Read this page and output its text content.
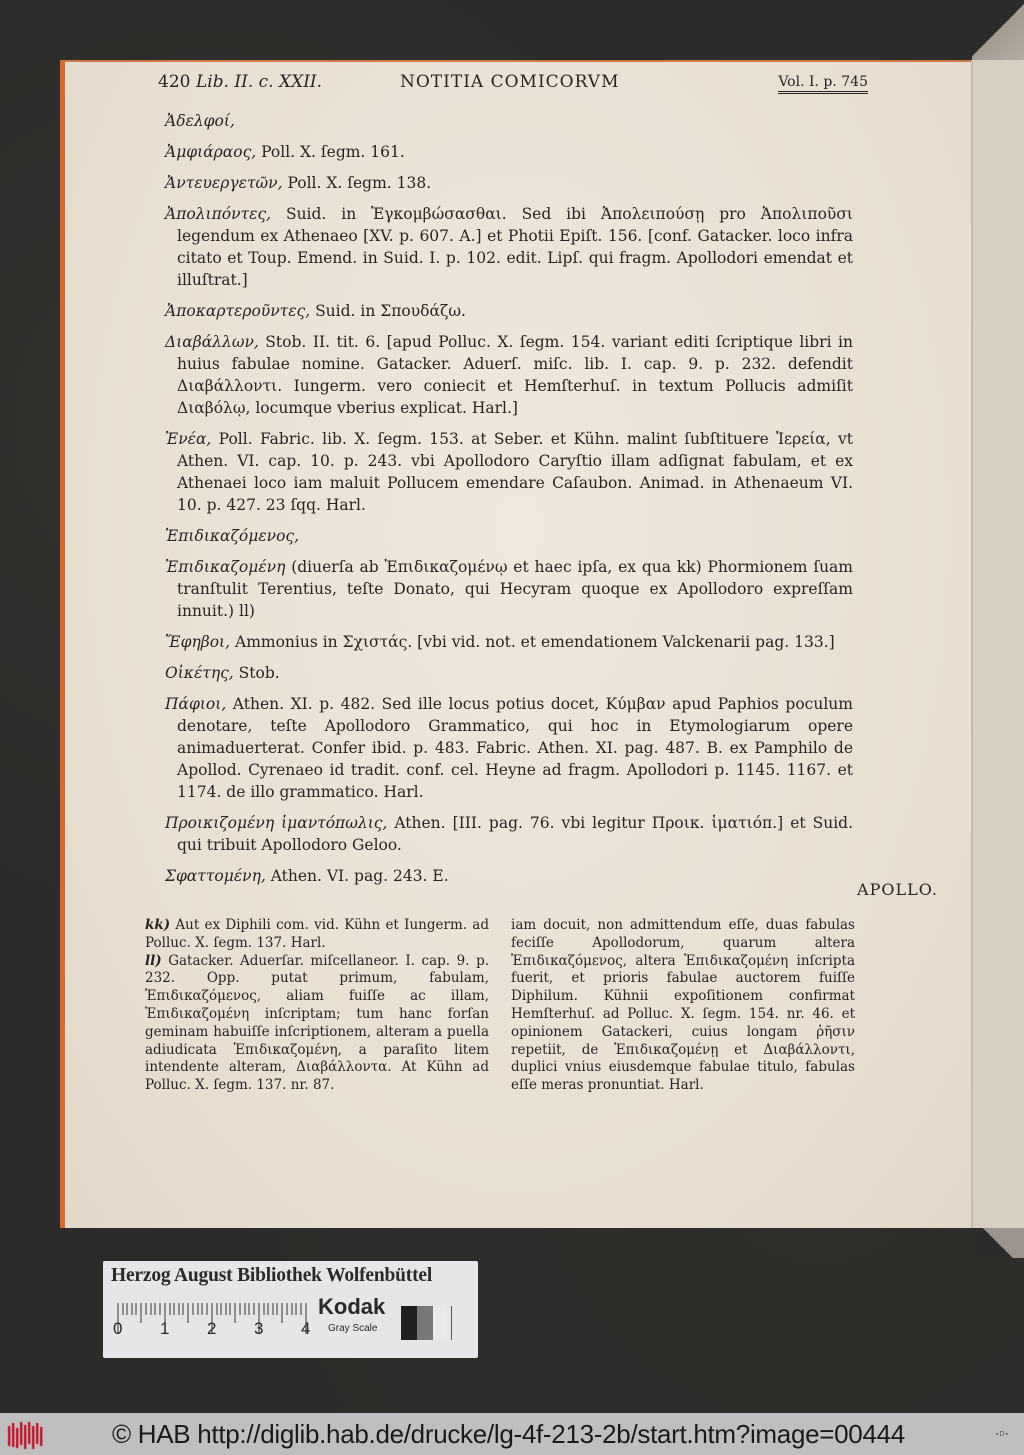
420 Lib. II. c. XXII.	NOTITIA COMICORVM	Vol. I. p. 745

Ἀδελφοί,

Ἀμφιάραος, Poll. X. ſegm. 161.

Ἀντευεργετῶν, Poll. X. ſegm. 138.

Ἀπολιπόντες, Suid. in Ἐγκομβώσασθαι. Sed ibi Ἀπολειπούσῃ pro Ἀπολιποῦσι legendum ex Athenaeo [XV. p. 607. A.] et Photii Epiſt. 156. [conf. Gatacker. loco infra citato et Toup. Emend. in Suid. I. p. 102. edit. Lipſ. qui fragm. Apollodori emendat et illuſtrat.]

Ἀποκαρτεροῦντες, Suid. in Σπουδάζω.

Διαβάλλων, Stob. II. tit. 6. [apud Polluc. X. ſegm. 154. variant editi ſcriptique libri in huius fabulae nomine. Gatacker. Aduerſ. miſc. lib. I. cap. 9. p. 232. defendit Διαβάλλοντι. Iungerm. vero coniecit et Hemſterhuſ. in textum Pollucis admiſit Διαβόλῳ, locumque vberius explicat. Harl.]

Ἐνέα, Poll. Fabric. lib. X. ſegm. 153. at Seber. et Kühn. malint ſubſtituere Ἱερεία, vt Athen. VI. cap. 10. p. 243. vbi Apollodoro Caryſtio illam adſignat fabulam, et ex Athenaei loco iam maluit Pollucem emendare Caſaubon. Animad. in Athenaeum VI. 10. p. 427. 23 ſqq. Harl.

Ἐπιδικαζόμενος,

Ἐπιδικαζομένη (diuerſa ab Ἐπιδικαζομένῳ et haec ipſa, ex qua kk) Phormionem ſuam tranſtulit Terentius, teſte Donato, qui Hecyram quoque ex Apollodoro expreſſam innuit.) ll)

Ἔφηβοι, Ammonius in Σχιστάς. [vbi vid. not. et emendationem Valckenarii pag. 133.]

Οἰκέτης, Stob.

Πάφιοι, Athen. XI. p. 482. Sed ille locus potius docet, Κύμβαν apud Paphios poculum denotare, teſte Apollodoro Grammatico, qui hoc in Etymologiarum opere animaduerterat. Confer ibid. p. 483. Fabric. Athen. XI. pag. 487. B. ex Pamphilo de Apollod. Cyrenaeo id tradit. conf. cel. Heyne ad fragm. Apollodori p. 1145. 1167. et 1174. de illo grammatico. Harl.

Προικιζομένη ἱμαντόπωλις, Athen. [III. pag. 76. vbi legitur Προικ. ἱματιόπ.] et Suid. qui tribuit Apollodoro Geloo.

Σφαττομένη, Athen. VI. pag. 243. E.

APOLLO.

kk) Aut ex Diphili com. vid. Kühn et Iungerm. ad Polluc. X. ſegm. 137. Harl.

ll) Gatacker. Aduerſar. miſcellaneor. I. cap. 9. p. 232. Opp. putat primum, fabulam, Ἐπιδικαζόμενος, aliam fuiſſe ac illam, Ἐπιδικαζομένη inſcriptam; tum hanc forſan geminam habuiſſe inſcriptionem, alteram a puella adiudicata Ἐπιδικαζομένη, a paraſito litem intendente alteram, Διαβάλλοντα. At Kühn ad Polluc. X. ſegm. 137. nr. 87.

iam docuit, non admittendum eſſe, duas fabulas feciſſe Apollodorum, quarum altera Ἐπιδικαζόμενος, altera Ἐπιδικαζομένη inſcripta fuerit, et prioris fabulae auctorem fuiſſe Diphilum. Kühnii expoſitionem confirmat Hemſterhuſ. ad Polluc. X. ſegm. 154. nr. 46. et opinionem Gatackeri, cuius longam ῥῆσιν repetiit, de Ἐπιδικαζομένῃ et Διαβάλλοντι, duplici vnius eiusdemque fabulae titulo, fabulas eſſe meras pronuntiat. Harl.

Herzog August Bibliothek Wolfenbüttel
0 1 2 3 4
Kodak
Gray Scale
© HAB http://diglib.hab.de/drucke/lg-4f-213-2b/start.htm?image=00444	▪D▪
